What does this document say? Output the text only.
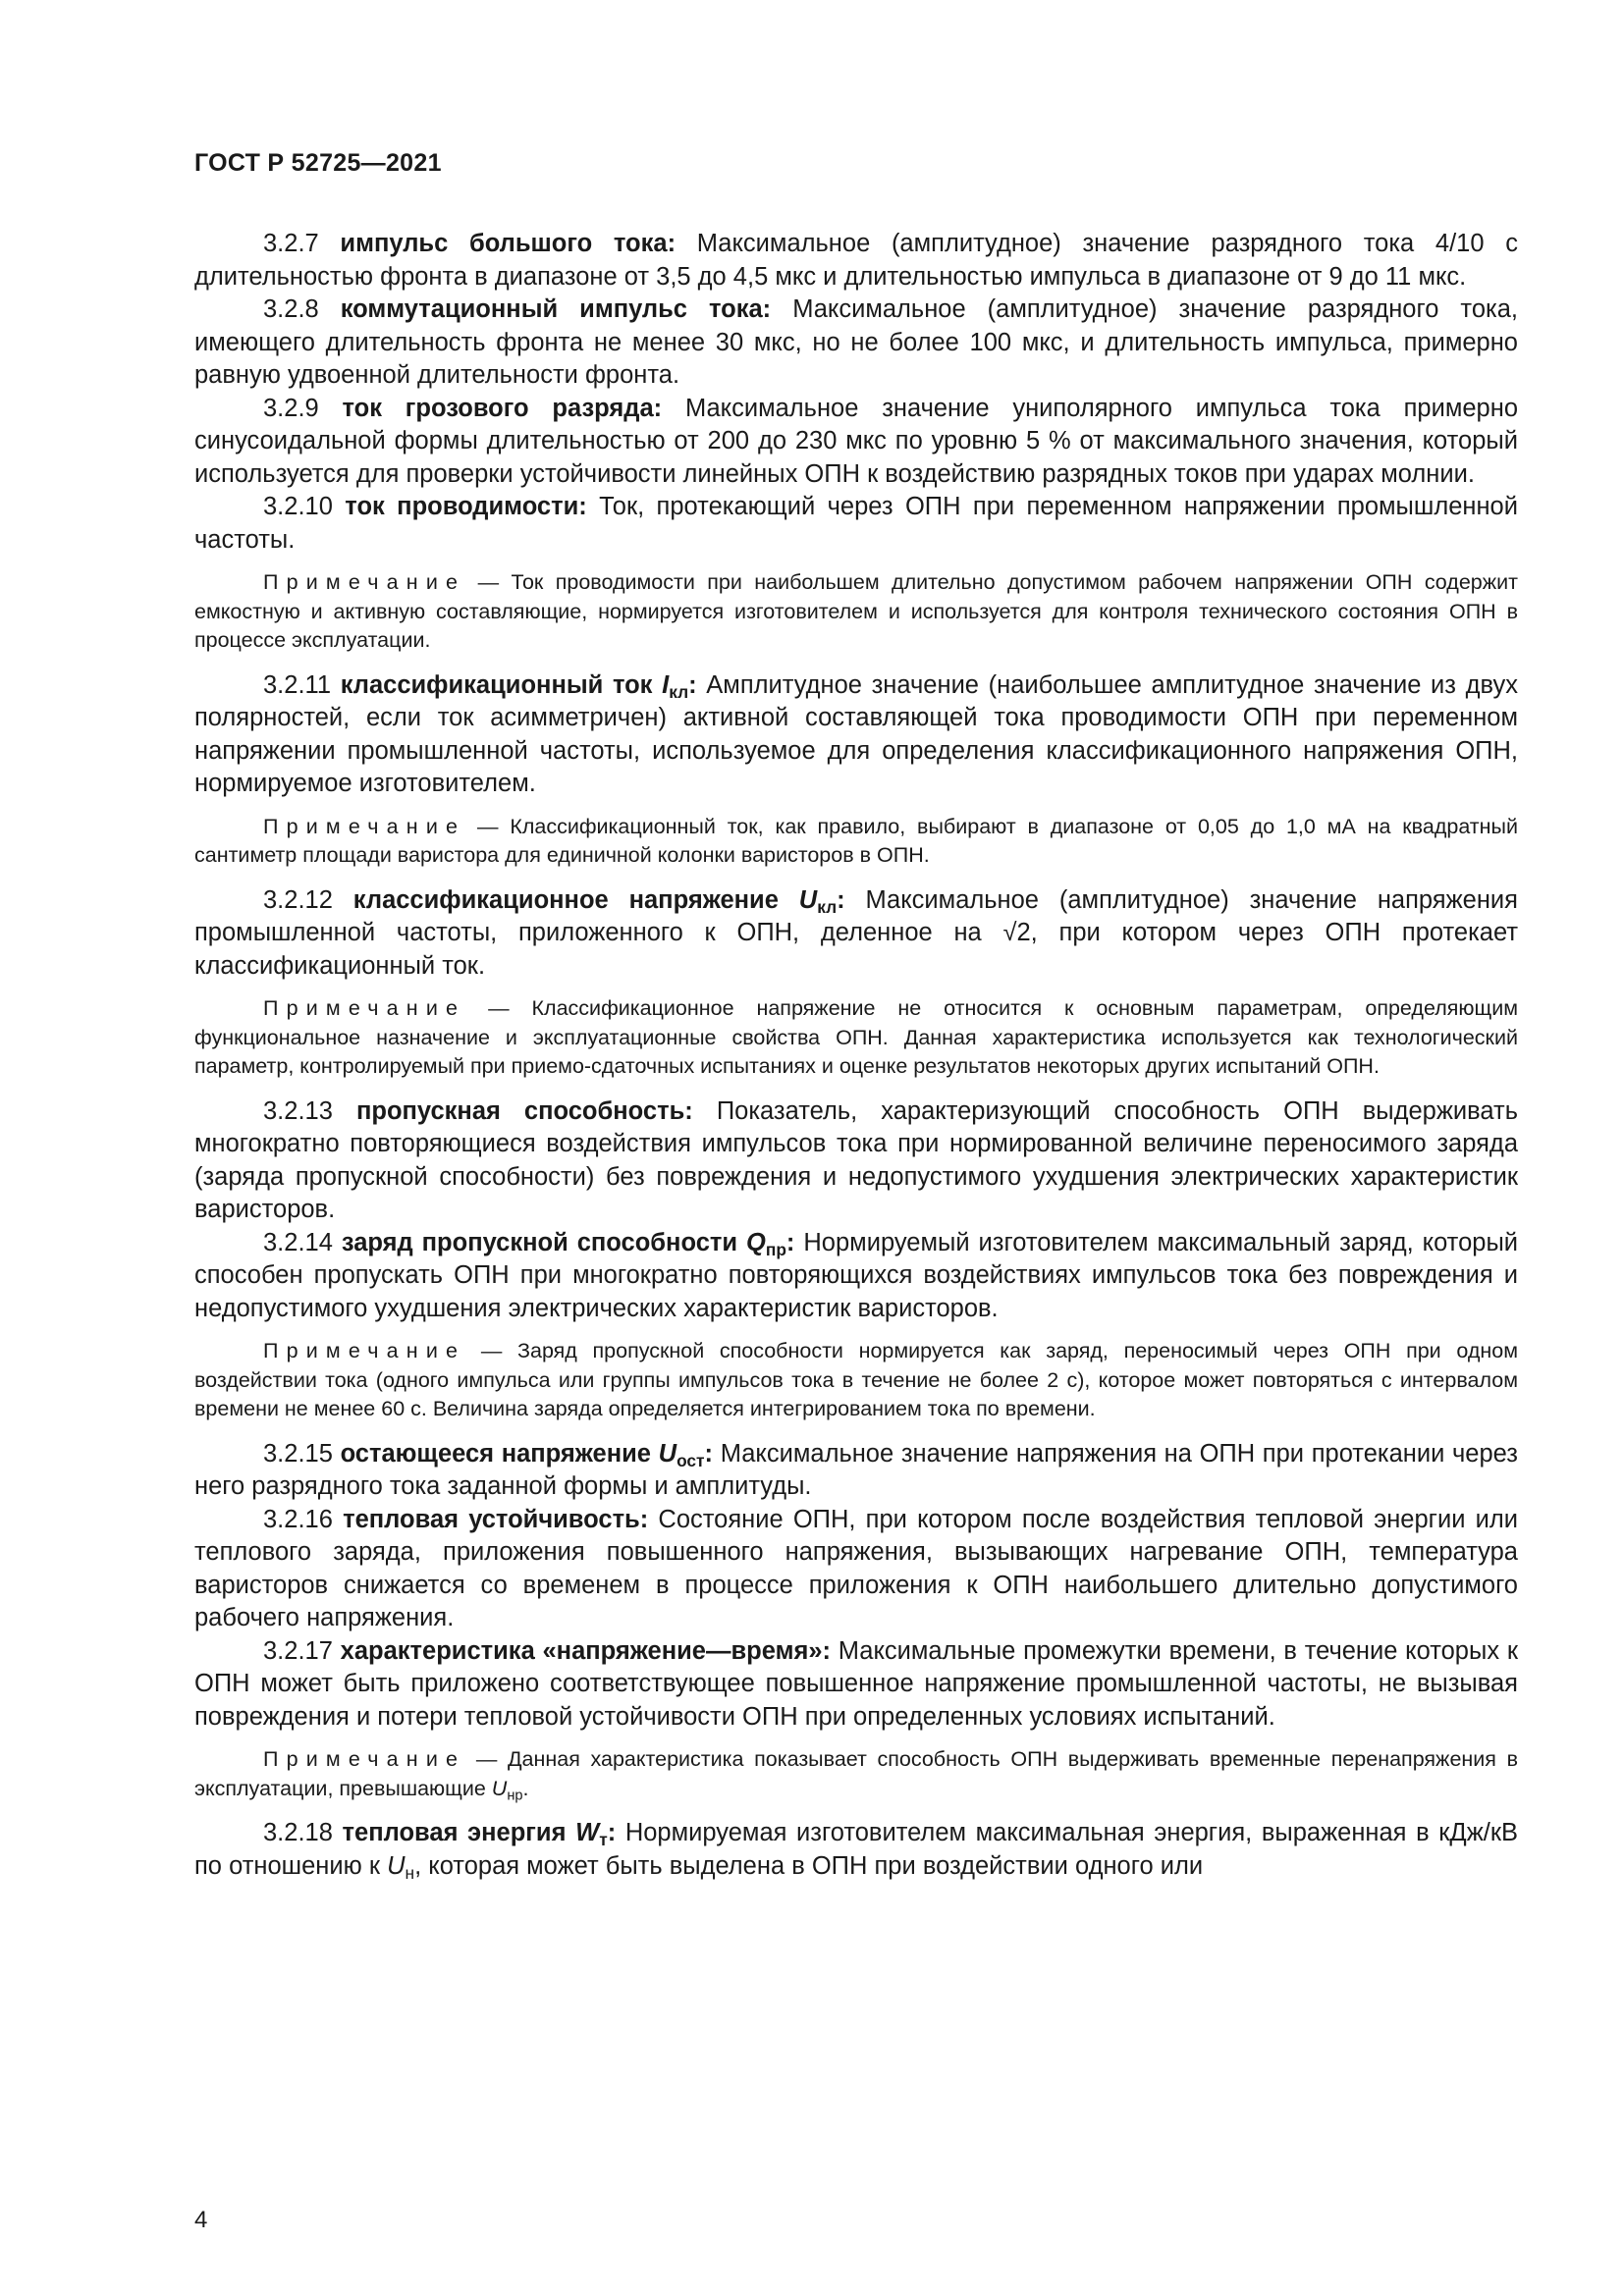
ГОСТ Р 52725—2021

3.2.7 импульс большого тока: Максимальное (амплитудное) значение разрядного тока 4/10 с длительностью фронта в диапазоне от 3,5 до 4,5 мкс и длительностью импульса в диапазоне от 9 до 11 мкс.

3.2.8 коммутационный импульс тока: Максимальное (амплитудное) значение разрядного тока, имеющего длительность фронта не менее 30 мкс, но не более 100 мкс, и длительность импульса, примерно равную удвоенной длительности фронта.

3.2.9 ток грозового разряда: Максимальное значение униполярного импульса тока примерно синусоидальной формы длительностью от 200 до 230 мкс по уровню 5 % от максимального значения, который используется для проверки устойчивости линейных ОПН к воздействию разрядных токов при ударах молнии.

3.2.10 ток проводимости: Ток, протекающий через ОПН при переменном напряжении промышленной частоты.

Примечание — Ток проводимости при наибольшем длительно допустимом рабочем напряжении ОПН содержит емкостную и активную составляющие, нормируется изготовителем и используется для контроля технического состояния ОПН в процессе эксплуатации.

3.2.11 классификационный ток $I_{кл}$: Амплитудное значение (наибольшее амплитудное значение из двух полярностей, если ток асимметричен) активной составляющей тока проводимости ОПН при переменном напряжении промышленной частоты, используемое для определения классификационного напряжения ОПН, нормируемое изготовителем.

Примечание — Классификационный ток, как правило, выбирают в диапазоне от 0,05 до 1,0 мА на квадратный сантиметр площади варистора для единичной колонки варисторов в ОПН.

3.2.12 классификационное напряжение $U_{кл}$: Максимальное (амплитудное) значение напряжения промышленной частоты, приложенного к ОПН, деленное на √2, при котором через ОПН протекает классификационный ток.

Примечание — Классификационное напряжение не относится к основным параметрам, определяющим функциональное назначение и эксплуатационные свойства ОПН. Данная характеристика используется как технологический параметр, контролируемый при приемо-сдаточных испытаниях и оценке результатов некоторых других испытаний ОПН.

3.2.13 пропускная способность: Показатель, характеризующий способность ОПН выдерживать многократно повторяющиеся воздействия импульсов тока при нормированной величине переносимого заряда (заряда пропускной способности) без повреждения и недопустимого ухудшения электрических характеристик варисторов.

3.2.14 заряд пропускной способности $Q_{пр}$: Нормируемый изготовителем максимальный заряд, который способен пропускать ОПН при многократно повторяющихся воздействиях импульсов тока без повреждения и недопустимого ухудшения электрических характеристик варисторов.

Примечание — Заряд пропускной способности нормируется как заряд, переносимый через ОПН при одном воздействии тока (одного импульса или группы импульсов тока в течение не более 2 с), которое может повторяться с интервалом времени не менее 60 с. Величина заряда определяется интегрированием тока по времени.

3.2.15 остающееся напряжение $U_{ост}$: Максимальное значение напряжения на ОПН при протекании через него разрядного тока заданной формы и амплитуды.

3.2.16 тепловая устойчивость: Состояние ОПН, при котором после воздействия тепловой энергии или теплового заряда, приложения повышенного напряжения, вызывающих нагревание ОПН, температура варисторов снижается со временем в процессе приложения к ОПН наибольшего длительно допустимого рабочего напряжения.

3.2.17 характеристика «напряжение—время»: Максимальные промежутки времени, в течение которых к ОПН может быть приложено соответствующее повышенное напряжение промышленной частоты, не вызывая повреждения и потери тепловой устойчивости ОПН при определенных условиях испытаний.

Примечание — Данная характеристика показывает способность ОПН выдерживать временные перенапряжения в эксплуатации, превышающие $U_{нр}$.

3.2.18 тепловая энергия $W_т$: Нормируемая изготовителем максимальная энергия, выраженная в кДж/кВ по отношению к $U_н$, которая может быть выделена в ОПН при воздействии одного или

4
